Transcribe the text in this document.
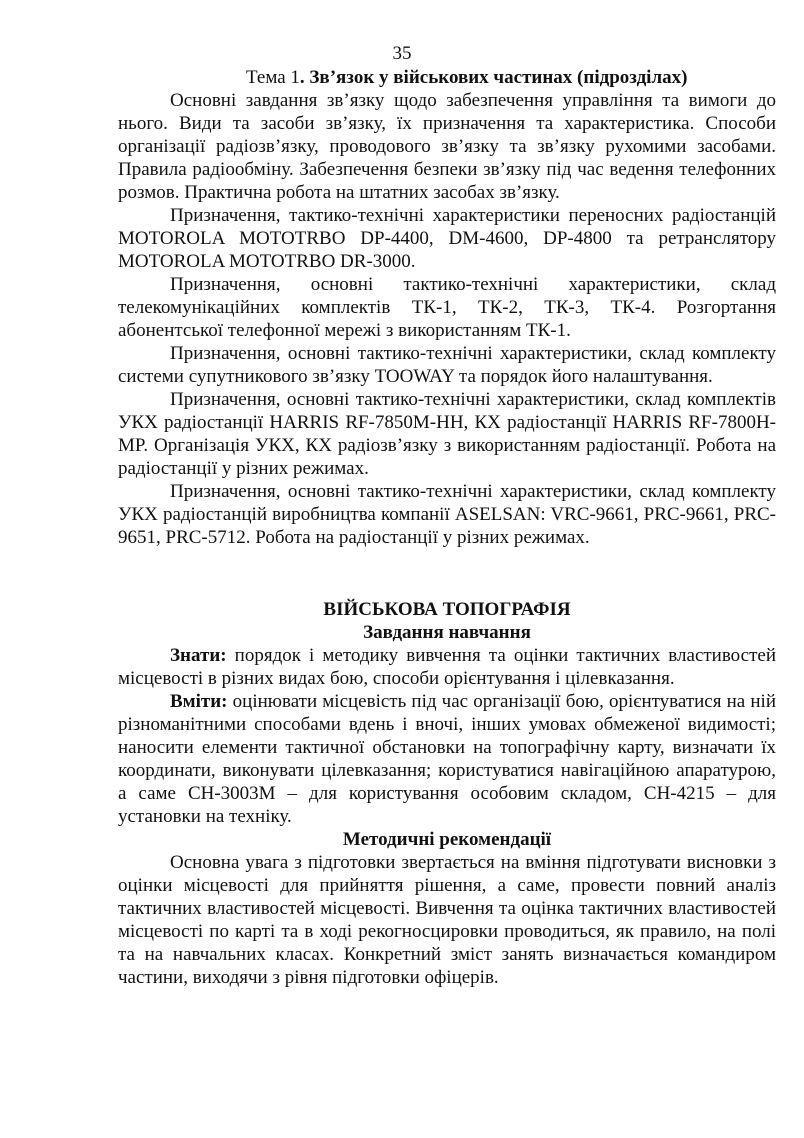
35

Тема 1. Зв’язок у військових частинах (підрозділах)

Основні завдання зв’язку щодо забезпечення управління та вимоги до нього. Види та засоби зв’язку, їх призначення та характеристика. Способи організації радіозв’язку, проводового зв’язку та зв’язку рухомими засобами. Правила радіообміну. Забезпечення безпеки зв’язку під час ведення телефонних розмов. Практична робота на штатних засобах зв’язку.

Призначення, тактико-технічні характеристики переносних радіостанцій MOTOROLA MOTOTRBO DP-4400, DM-4600, DP-4800 та ретранслятору MOTOROLA MOTOTRBO DR-3000.

Призначення, основні тактико-технічні характеристики, склад телекомунікаційних комплектів ТК-1, ТК-2, ТК-3, ТК-4. Розгортання абонентської телефонної мережі з використанням ТК-1.

Призначення, основні тактико-технічні характеристики, склад комплекту системи супутникового зв’язку TOOWAY та порядок його налаштування.

Призначення, основні тактико-технічні характеристики, склад комплектів УКХ радіостанції HARRIS RF-7850M-HH, КХ радіостанції HARRIS RF-7800H-MP. Організація УКХ, КХ радіозв’язку з використанням радіостанції. Робота на радіостанції у різних режимах.

Призначення, основні тактико-технічні характеристики, склад комплекту УКХ радіостанцій виробництва компанії ASELSAN: VRC-9661, PRC-9661, PRC-9651, PRC-5712. Робота на радіостанції у різних режимах.

ВІЙСЬКОВА ТОПОГРАФІЯ

Завдання навчання

Знати: порядок і методику вивчення та оцінки тактичних властивостей місцевості в різних видах бою, способи орієнтування і цілевказання.

Вміти: оцінювати місцевість під час організації бою, орієнтуватися на ній різноманітними способами вдень і вночі, інших умовах обмеженої видимості; наносити елементи тактичної обстановки на топографічну карту, визначати їх координати, виконувати цілевказання; користуватися навігаційною апаратурою, а саме СН-3003М – для користування особовим складом, СН-4215 – для установки на техніку.

Методичні рекомендації

Основна увага з підготовки звертається на вміння підготувати висновки з оцінки місцевості для прийняття рішення, а саме, провести повний аналіз тактичних властивостей місцевості. Вивчення та оцінка тактичних властивостей місцевості по карті та в ході рекогносцировки проводиться, як правило, на полі та на навчальних класах. Конкретний зміст занять визначається командиром частини, виходячи з рівня підготовки офіцерів.
